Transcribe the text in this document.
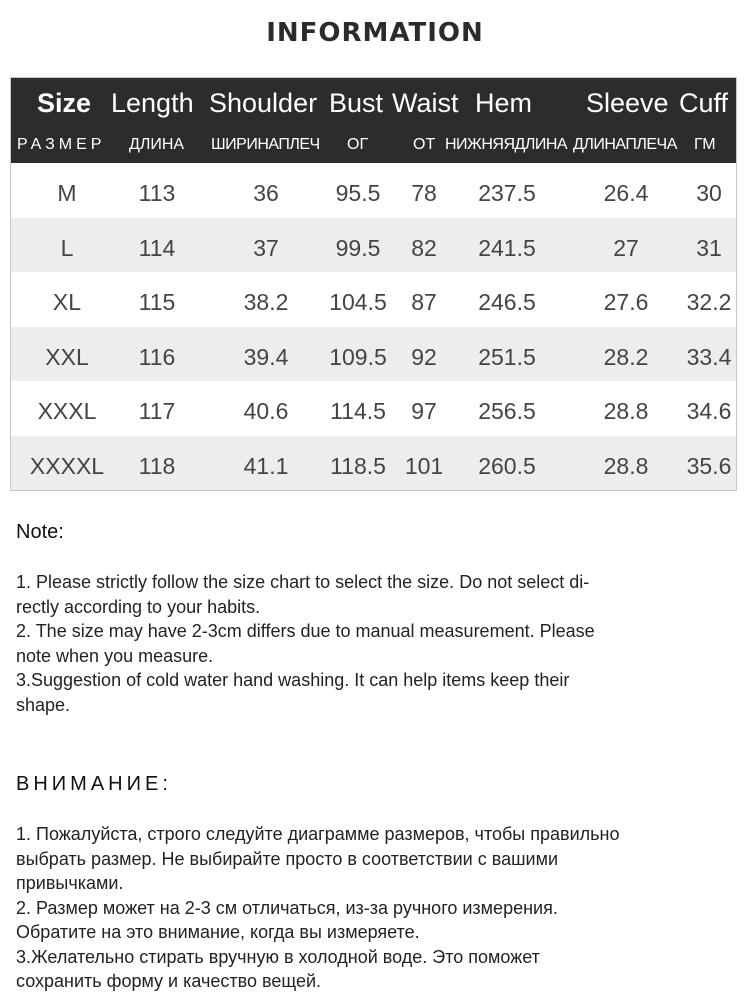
INFORMATION
Size Length Shoulder Bust Waist Hem Sleeve Cuff
РАЗМЕР ДЛИНА ШИРИНАПЛЕЧ ОГ	ОТ НИЖНЯЯДЛИНА ДЛИНАПЛЕЧА ГМ
M	113	36 95.5 78 237.5	26.4 30
L	114	37 99.5 82 241.5	27 31
XL	115	38.2 104.5 87 246.5	27.6 32.2
XXL 116	39.4 109.5 92 251.5	28.2 33.4
XXXL 117	40.6 114.5 97 256.5	28.8 34.6
XXXXL 118	41.1 118.5 101 260.5	28.8 35.6
Note:
1. Please strictly follow the size chart to select the size. Do not select di-
rectly according to your habits.
2. The size may have 2-3cm differs due to manual measurement. Please
note when you measure.
3.Suggestion of cold water hand washing. It can help items keep their
shape.
ВНИМАНИЕ:
1. Пожалуйста, строго следуйте диаграмме размеров, чтобы правильно
выбрать размер. Не выбирайте просто в соответствии с вашими
привычками.
2. Размер может на 2-3 см отличаться, из-за ручного измерения.
Обратите на это внимание, когда вы измеряете.
3.Желательно стирать вручную в холодной воде. Это поможет
сохранить форму и качество вещей.
